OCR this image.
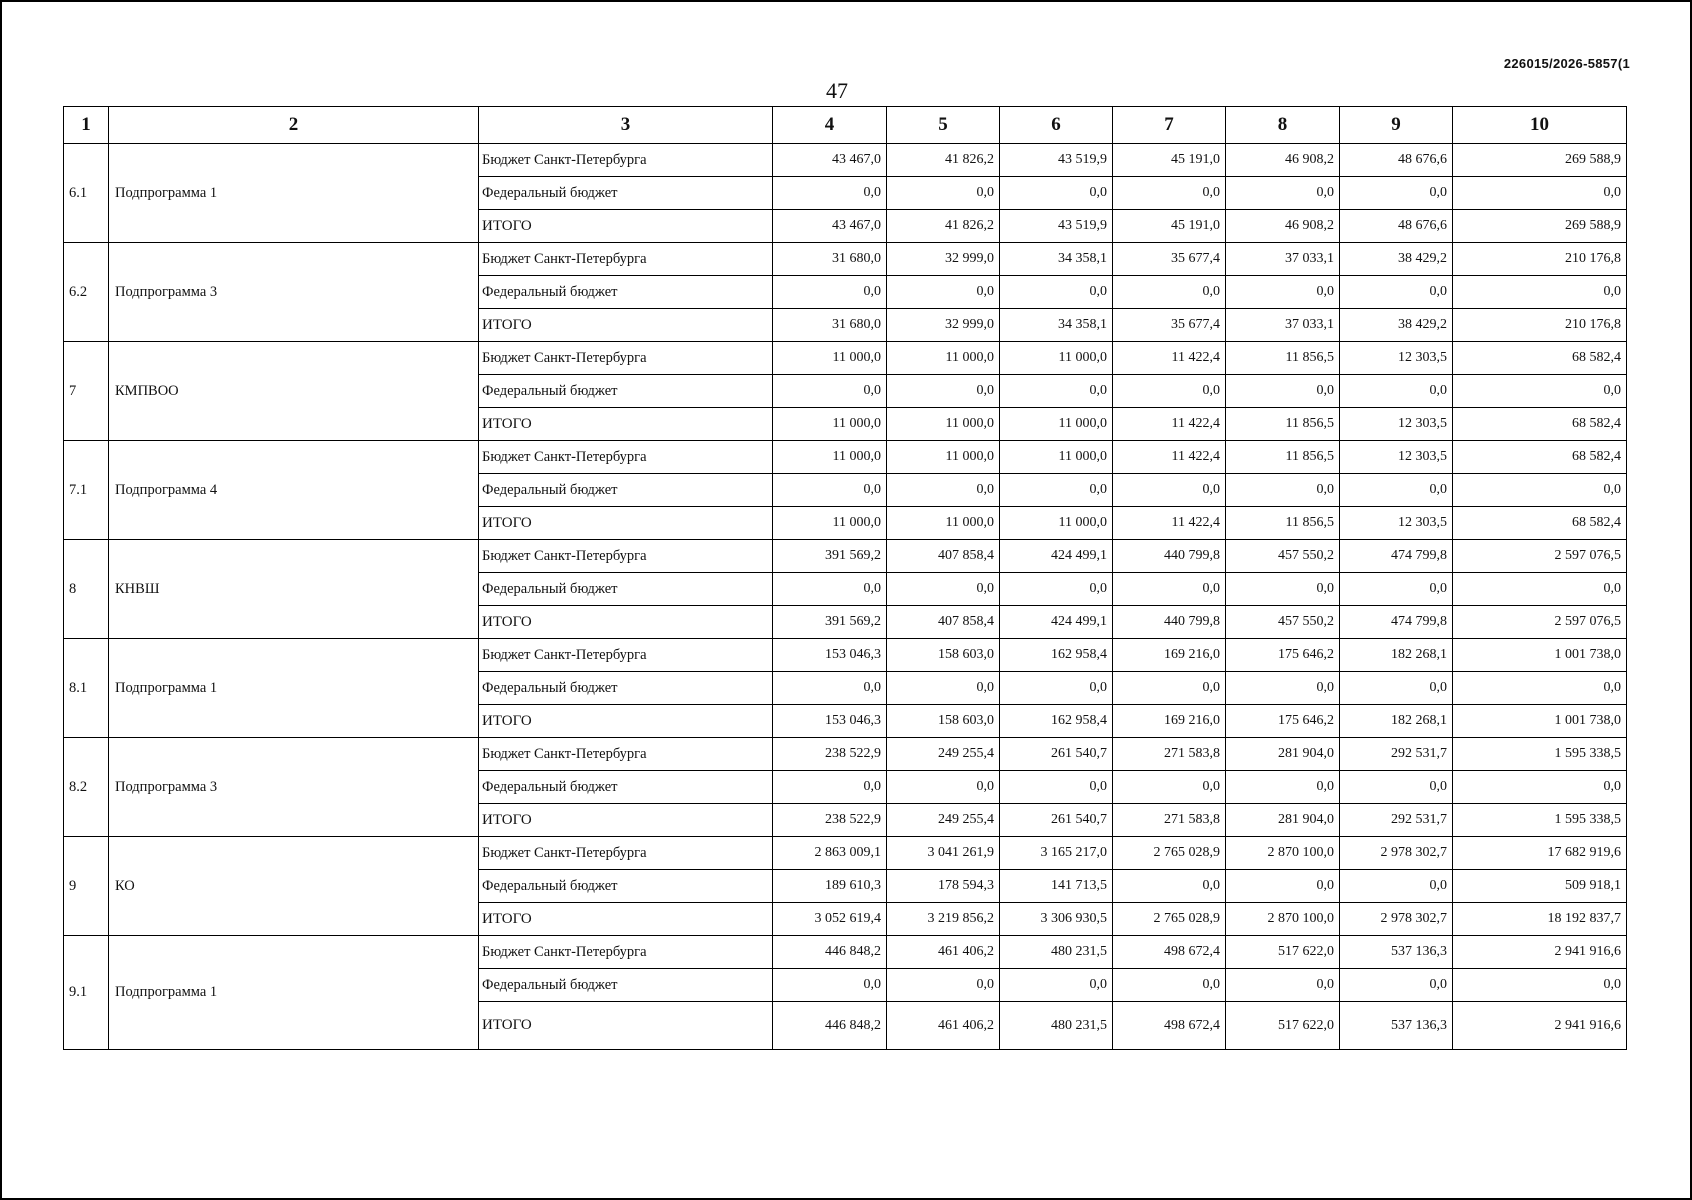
226015/2026-5857(1
47
1	2	3	4	5	6	7	8	9	10
6.1	Подпрограмма 1	Бюджет Санкт-Петербурга	43 467,0	41 826,2	43 519,9	45 191,0	46 908,2	48 676,6	269 588,9
		Федеральный бюджет	0,0	0,0	0,0	0,0	0,0	0,0	0,0
		ИТОГО	43 467,0	41 826,2	43 519,9	45 191,0	46 908,2	48 676,6	269 588,9
6.2	Подпрограмма 3	Бюджет Санкт-Петербурга	31 680,0	32 999,0	34 358,1	35 677,4	37 033,1	38 429,2	210 176,8
		Федеральный бюджет	0,0	0,0	0,0	0,0	0,0	0,0	0,0
		ИТОГО	31 680,0	32 999,0	34 358,1	35 677,4	37 033,1	38 429,2	210 176,8
7	КМПВОО	Бюджет Санкт-Петербурга	11 000,0	11 000,0	11 000,0	11 422,4	11 856,5	12 303,5	68 582,4
		Федеральный бюджет	0,0	0,0	0,0	0,0	0,0	0,0	0,0
		ИТОГО	11 000,0	11 000,0	11 000,0	11 422,4	11 856,5	12 303,5	68 582,4
7.1	Подпрограмма 4	Бюджет Санкт-Петербурга	11 000,0	11 000,0	11 000,0	11 422,4	11 856,5	12 303,5	68 582,4
		Федеральный бюджет	0,0	0,0	0,0	0,0	0,0	0,0	0,0
		ИТОГО	11 000,0	11 000,0	11 000,0	11 422,4	11 856,5	12 303,5	68 582,4
8	КНВШ	Бюджет Санкт-Петербурга	391 569,2	407 858,4	424 499,1	440 799,8	457 550,2	474 799,8	2 597 076,5
		Федеральный бюджет	0,0	0,0	0,0	0,0	0,0	0,0	0,0
		ИТОГО	391 569,2	407 858,4	424 499,1	440 799,8	457 550,2	474 799,8	2 597 076,5
8.1	Подпрограмма 1	Бюджет Санкт-Петербурга	153 046,3	158 603,0	162 958,4	169 216,0	175 646,2	182 268,1	1 001 738,0
		Федеральный бюджет	0,0	0,0	0,0	0,0	0,0	0,0	0,0
		ИТОГО	153 046,3	158 603,0	162 958,4	169 216,0	175 646,2	182 268,1	1 001 738,0
8.2	Подпрограмма 3	Бюджет Санкт-Петербурга	238 522,9	249 255,4	261 540,7	271 583,8	281 904,0	292 531,7	1 595 338,5
		Федеральный бюджет	0,0	0,0	0,0	0,0	0,0	0,0	0,0
		ИТОГО	238 522,9	249 255,4	261 540,7	271 583,8	281 904,0	292 531,7	1 595 338,5
9	КО	Бюджет Санкт-Петербурга	2 863 009,1	3 041 261,9	3 165 217,0	2 765 028,9	2 870 100,0	2 978 302,7	17 682 919,6
		Федеральный бюджет	189 610,3	178 594,3	141 713,5	0,0	0,0	0,0	509 918,1
		ИТОГО	3 052 619,4	3 219 856,2	3 306 930,5	2 765 028,9	2 870 100,0	2 978 302,7	18 192 837,7
9.1	Подпрограмма 1	Бюджет Санкт-Петербурга	446 848,2	461 406,2	480 231,5	498 672,4	517 622,0	537 136,3	2 941 916,6
		Федеральный бюджет	0,0	0,0	0,0	0,0	0,0	0,0	0,0
		ИТОГО	446 848,2	461 406,2	480 231,5	498 672,4	517 622,0	537 136,3	2 941 916,6
